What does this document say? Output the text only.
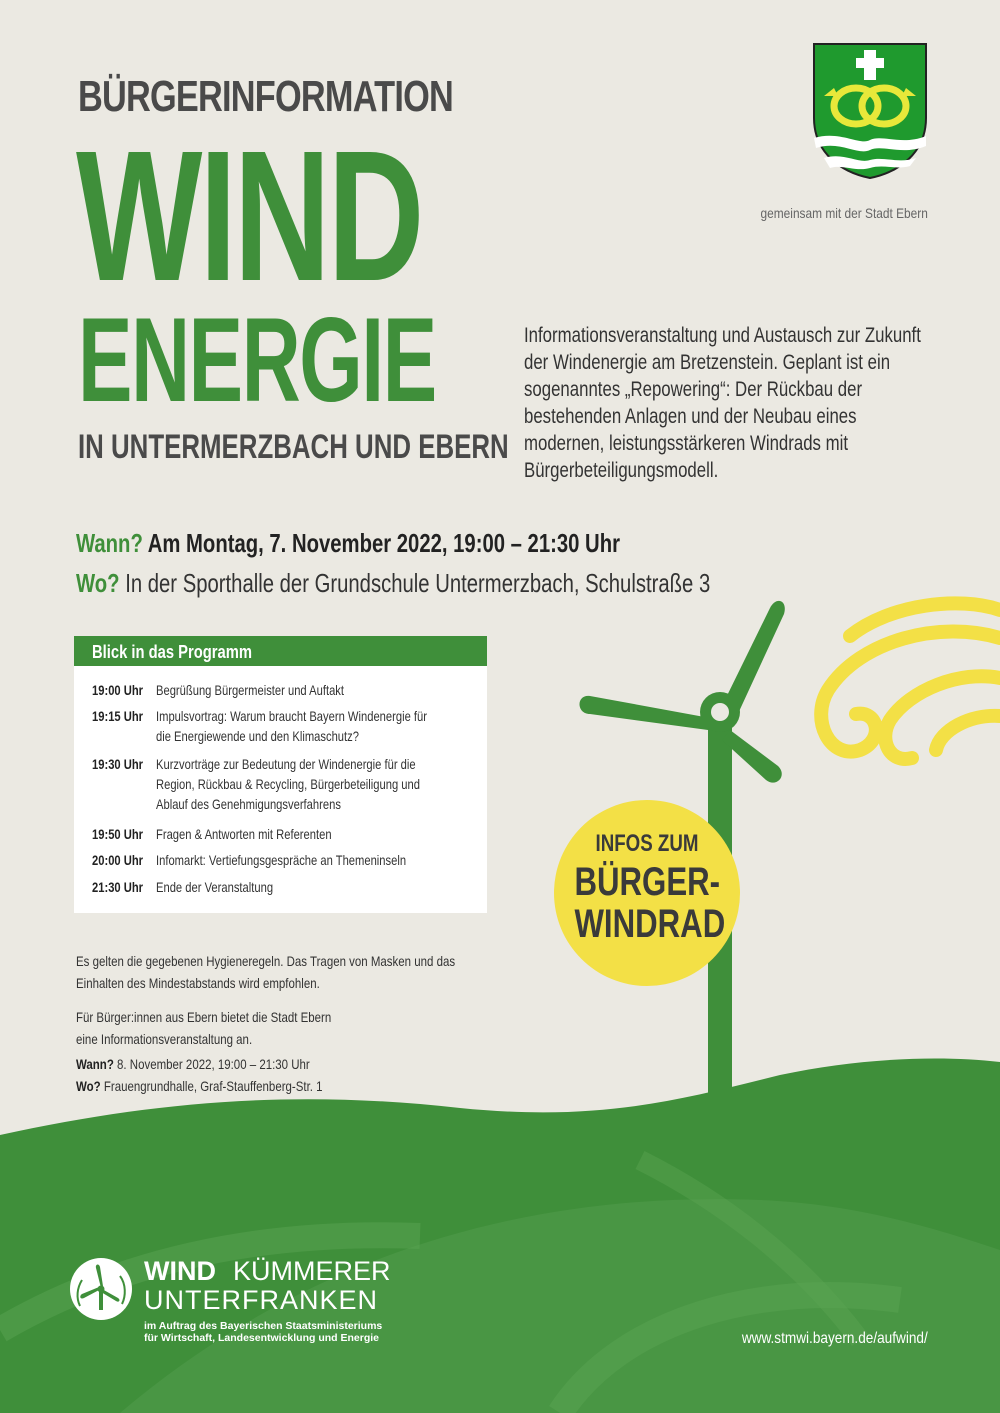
BÜRGERINFORMATION
WIND
ENERGIE
IN UNTERMERZBACH UND EBERN
gemeinsam mit der Stadt Ebern
Informationsveranstaltung und Austausch zur Zukunft der Windenergie am Bretzenstein. Geplant ist ein sogenanntes „Repowering“: Der Rückbau der bestehenden Anlagen und der Neubau eines modernen, leistungsstärkeren Windrads mit Bürgerbeteiligungsmodell.
Wann? Am Montag, 7. November 2022, 19:00 – 21:30 Uhr
Wo? In der Sporthalle der Grundschule Untermerzbach, Schulstraße 3
Blick in das Programm
19:00 Uhr Begrüßung Bürgermeister und Auftakt
19:15 Uhr Impulsvortrag: Warum braucht Bayern Windenergie für die Energiewende und den Klimaschutz?
19:30 Uhr Kurzvorträge zur Bedeutung der Windenergie für die Region, Rückbau & Recycling, Bürgerbeteiligung und Ablauf des Genehmigungsverfahrens
19:50 Uhr Fragen & Antworten mit Referenten
20:00 Uhr Infomarkt: Vertiefungsgespräche an Themeninseln
21:30 Uhr Ende der Veranstaltung
Es gelten die gegebenen Hygieneregeln. Das Tragen von Masken und das Einhalten des Mindestabstands wird empfohlen.
Für Bürger:innen aus Ebern bietet die Stadt Ebern eine Informationsveranstaltung an.
Wann? 8. November 2022, 19:00 – 21:30 Uhr
Wo? Frauengrundhalle, Graf-Stauffenberg-Str. 1
INFOS ZUM
BÜRGER-
WINDRAD
WIND KÜMMERER
UNTERFRANKEN
im Auftrag des Bayerischen Staatsministeriums
für Wirtschaft, Landesentwicklung und Energie	www.stmwi.bayern.de/aufwind/
